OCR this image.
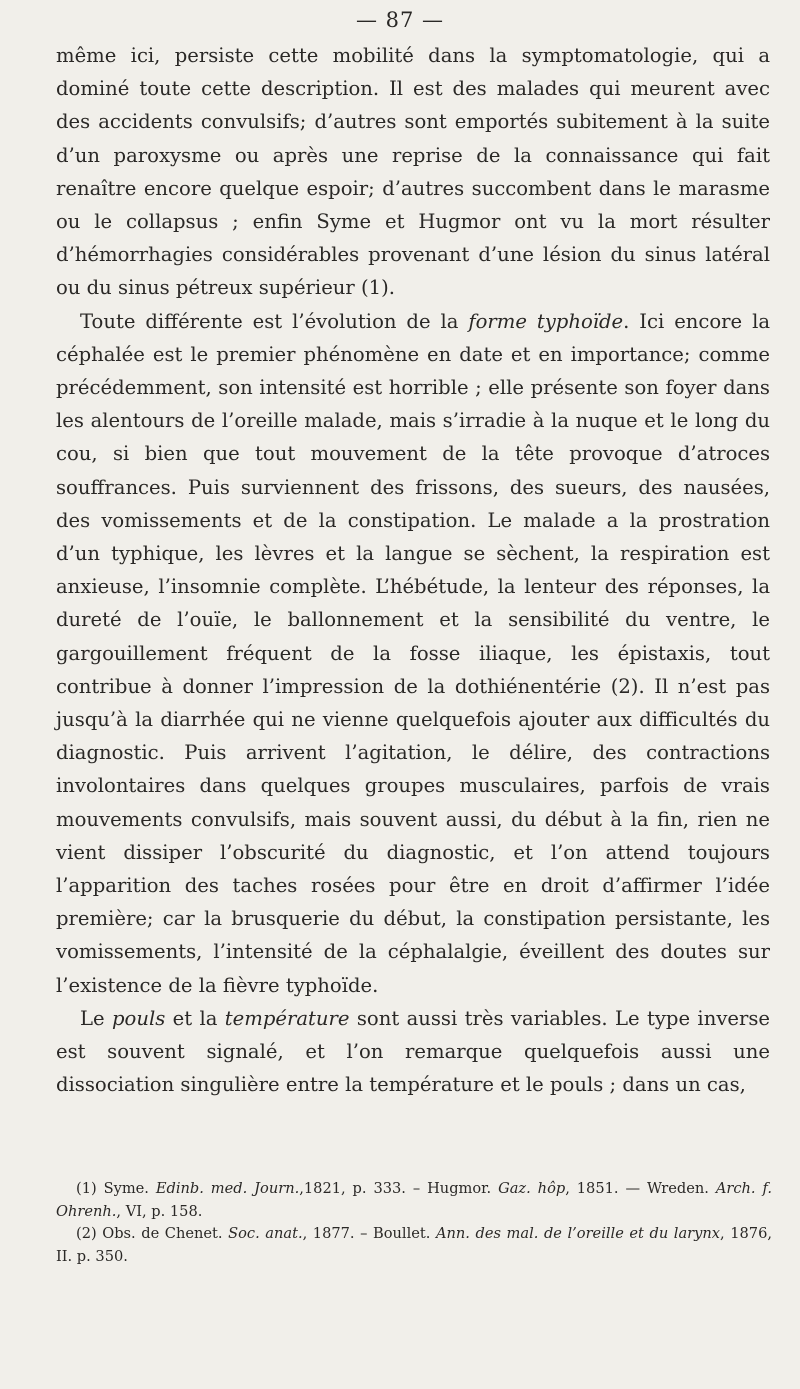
— 87 —

même ici, persiste cette mobilité dans la symptomatologie, qui a dominé toute cette description. Il est des malades qui meurent avec des accidents convulsifs; d’autres sont emportés subitement à la suite d’un paroxysme ou après une reprise de la connaissance qui fait renaître encore quelque espoir; d’autres succombent dans le marasme ou le collapsus ; enfin Syme et Hugmor ont vu la mort résulter d’hémorrhagies considérables provenant d’une lésion du sinus latéral ou du sinus pétreux supérieur (1).

Toute différente est l’évolution de la forme typhoïde. Ici encore la céphalée est le premier phénomène en date et en importance; comme précédemment, son intensité est horrible ; elle présente son foyer dans les alentours de l’oreille malade, mais s’irradie à la nuque et le long du cou, si bien que tout mouvement de la tête provoque d’atroces souffrances. Puis surviennent des frissons, des sueurs, des nausées, des vomissements et de la constipation. Le malade a la prostration d’un typhique, les lèvres et la langue se sèchent, la respiration est anxieuse, l’insomnie complète. L’hébétude, la lenteur des réponses, la dureté de l’ouïe, le ballonnement et la sensibilité du ventre, le gargouillement fréquent de la fosse iliaque, les épistaxis, tout contribue à donner l’impression de la dothiénentérie (2). Il n’est pas jusqu’à la diarrhée qui ne vienne quelquefois ajouter aux difficultés du diagnostic. Puis arrivent l’agitation, le délire, des contractions involontaires dans quelques groupes musculaires, parfois de vrais mouvements convulsifs, mais souvent aussi, du début à la fin, rien ne vient dissiper l’obscurité du diagnostic, et l’on attend toujours l’apparition des taches rosées pour être en droit d’affirmer l’idée première; car la brusquerie du début, la constipation persistante, les vomissements, l’intensité de la céphalalgie, éveillent des doutes sur l’existence de la fièvre typhoïde.

Le pouls et la température sont aussi très variables. Le type inverse est souvent signalé, et l’on remarque quelquefois aussi une dissociation singulière entre la température et le pouls ; dans un cas,

(1) Syme. Edinb. med. Journ.,1821, p. 333. – Hugmor. Gaz. hôp, 1851. — Wreden. Arch. f. Ohrenh., VI, p. 158.

(2) Obs. de Chenet. Soc. anat., 1877. – Boullet. Ann. des mal. de l’oreille et du larynx, 1876, II. p. 350.
